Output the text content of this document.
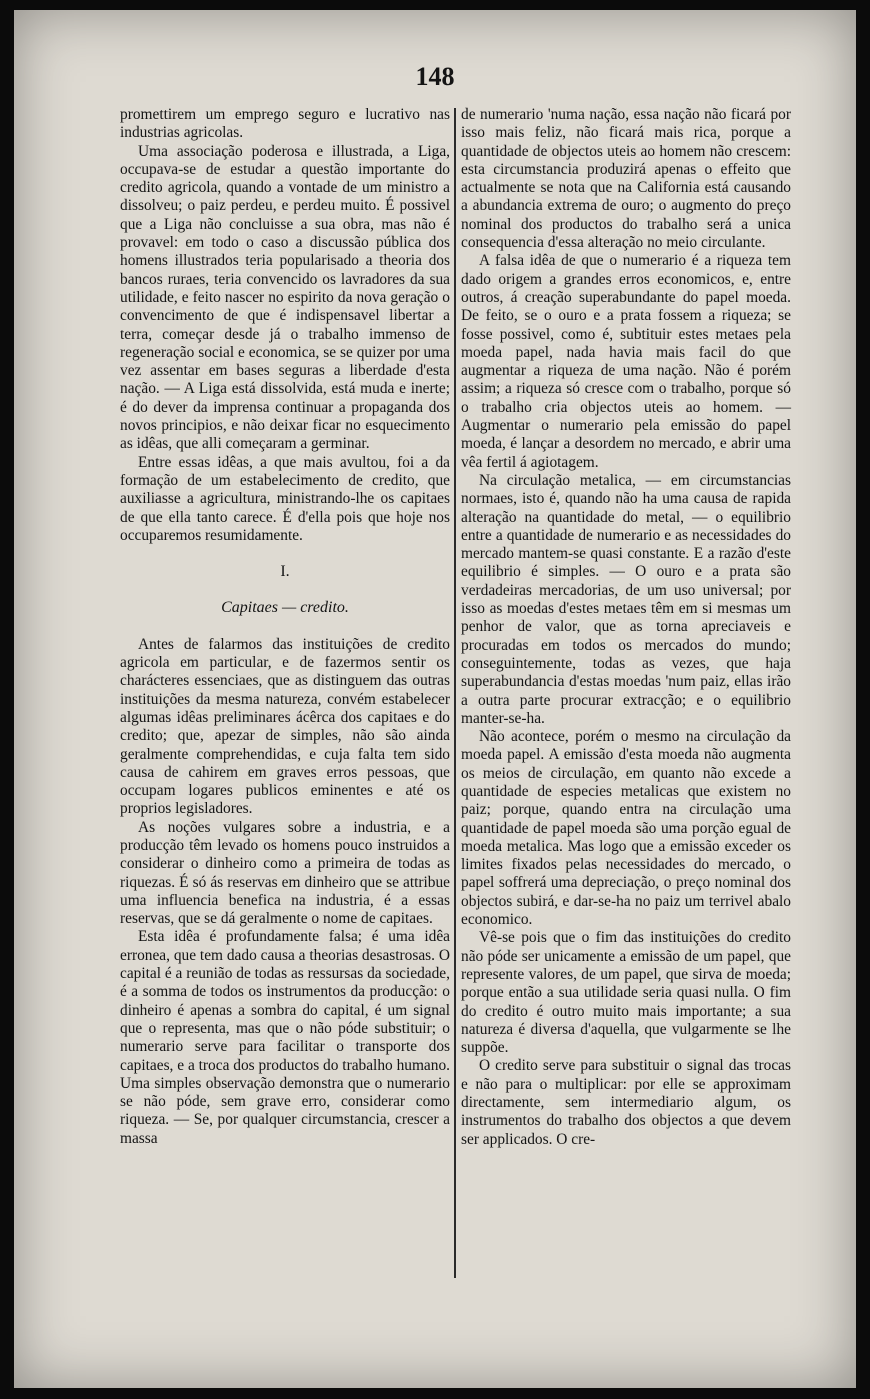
148

promettirem um emprego seguro e lucrativo nas industrias agricolas.

Uma associação poderosa e illustrada, a Liga, occupava-se de estudar a questão importante do credito agricola, quando a vontade de um ministro a dissolveu; o paiz perdeu, e perdeu muito. É possivel que a Liga não concluisse a sua obra, mas não é provavel: em todo o caso a discussão pública dos homens illustrados teria popularisado a theoria dos bancos ruraes, teria convencido os lavradores da sua utilidade, e feito nascer no espirito da nova geração o convencimento de que é indispensavel libertar a terra, começar desde já o trabalho immenso de regeneração social e economica, se se quizer por uma vez assentar em bases seguras a liberdade d'esta nação. — A Liga está dissolvida, está muda e inerte; é do dever da imprensa continuar a propaganda dos novos principios, e não deixar ficar no esquecimento as idêas, que alli começaram a germinar.

Entre essas idêas, a que mais avultou, foi a da formação de um estabelecimento de credito, que auxiliasse a agricultura, ministrando-lhe os capitaes de que ella tanto carece. É d'ella pois que hoje nos occuparemos resumidamente.

I.
Capitaes — credito.

Antes de falarmos das instituições de credito agricola em particular, e de fazermos sentir os charácteres essenciaes, que as distinguem das outras instituições da mesma natureza, convém estabelecer algumas idêas preliminares ácêrca dos capitaes e do credito; que, apezar de simples, não são ainda geralmente comprehendidas, e cuja falta tem sido causa de cahirem em graves erros pessoas, que occupam logares publicos eminentes e até os proprios legisladores.

As noções vulgares sobre a industria, e a producção têm levado os homens pouco instruidos a considerar o dinheiro como a primeira de todas as riquezas. É só ás reservas em dinheiro que se attribue uma influencia benefica na industria, é a essas reservas, que se dá geralmente o nome de capitaes.

Esta idêa é profundamente falsa; é uma idêa erronea, que tem dado causa a theorias desastrosas. O capital é a reunião de todas as ressursas da sociedade, é a somma de todos os instrumentos da producção: o dinheiro é apenas a sombra do capital, é um signal que o representa, mas que o não póde substituir; o numerario serve para facilitar o transporte dos capitaes, e a troca dos productos do trabalho humano. Uma simples observação demonstra que o numerario se não póde, sem grave erro, considerar como riqueza. — Se, por qualquer circumstancia, crescer a massa

de numerario 'numa nação, essa nação não ficará por isso mais feliz, não ficará mais rica, porque a quantidade de objectos uteis ao homem não crescem: esta circumstancia produzirá apenas o effeito que actualmente se nota que na California está causando a abundancia extrema de ouro; o augmento do preço nominal dos productos do trabalho será a unica consequencia d'essa alteração no meio circulante.

A falsa idêa de que o numerario é a riqueza tem dado origem a grandes erros economicos, e, entre outros, á creação superabundante do papel moeda. De feito, se o ouro e a prata fossem a riqueza; se fosse possivel, como é, subtituir estes metaes pela moeda papel, nada havia mais facil do que augmentar a riqueza de uma nação. Não é porém assim; a riqueza só cresce com o trabalho, porque só o trabalho cria objectos uteis ao homem. — Augmentar o numerario pela emissão do papel moeda, é lançar a desordem no mercado, e abrir uma vêa fertil á agiotagem.

Na circulação metalica, — em circumstancias normaes, isto é, quando não ha uma causa de rapida alteração na quantidade do metal, — o equilibrio entre a quantidade de numerario e as necessidades do mercado mantem-se quasi constante. E a razão d'este equilibrio é simples. — O ouro e a prata são verdadeiras mercadorias, de um uso universal; por isso as moedas d'estes metaes têm em si mesmas um penhor de valor, que as torna apreciaveis e procuradas em todos os mercados do mundo; conseguintemente, todas as vezes, que haja superabundancia d'estas moedas 'num paiz, ellas irão a outra parte procurar extracção; e o equilibrio manter-se-ha.

Não acontece, porém o mesmo na circulação da moeda papel. A emissão d'esta moeda não augmenta os meios de circulação, em quanto não excede a quantidade de especies metalicas que existem no paiz; porque, quando entra na circulação uma quantidade de papel moeda são uma porção egual de moeda metalica. Mas logo que a emissão exceder os limites fixados pelas necessidades do mercado, o papel soffrerá uma depreciação, o preço nominal dos objectos subirá, e dar-se-ha no paiz um terrivel abalo economico.

Vê-se pois que o fim das instituições do credito não póde ser unicamente a emissão de um papel, que represente valores, de um papel, que sirva de moeda; porque então a sua utilidade seria quasi nulla. O fim do credito é outro muito mais importante; a sua natureza é diversa d'aquella, que vulgarmente se lhe suppõe.

O credito serve para substituir o signal das trocas e não para o multiplicar: por elle se approximam directamente, sem intermediario algum, os instrumentos do trabalho dos objectos a que devem ser applicados. O cre-
